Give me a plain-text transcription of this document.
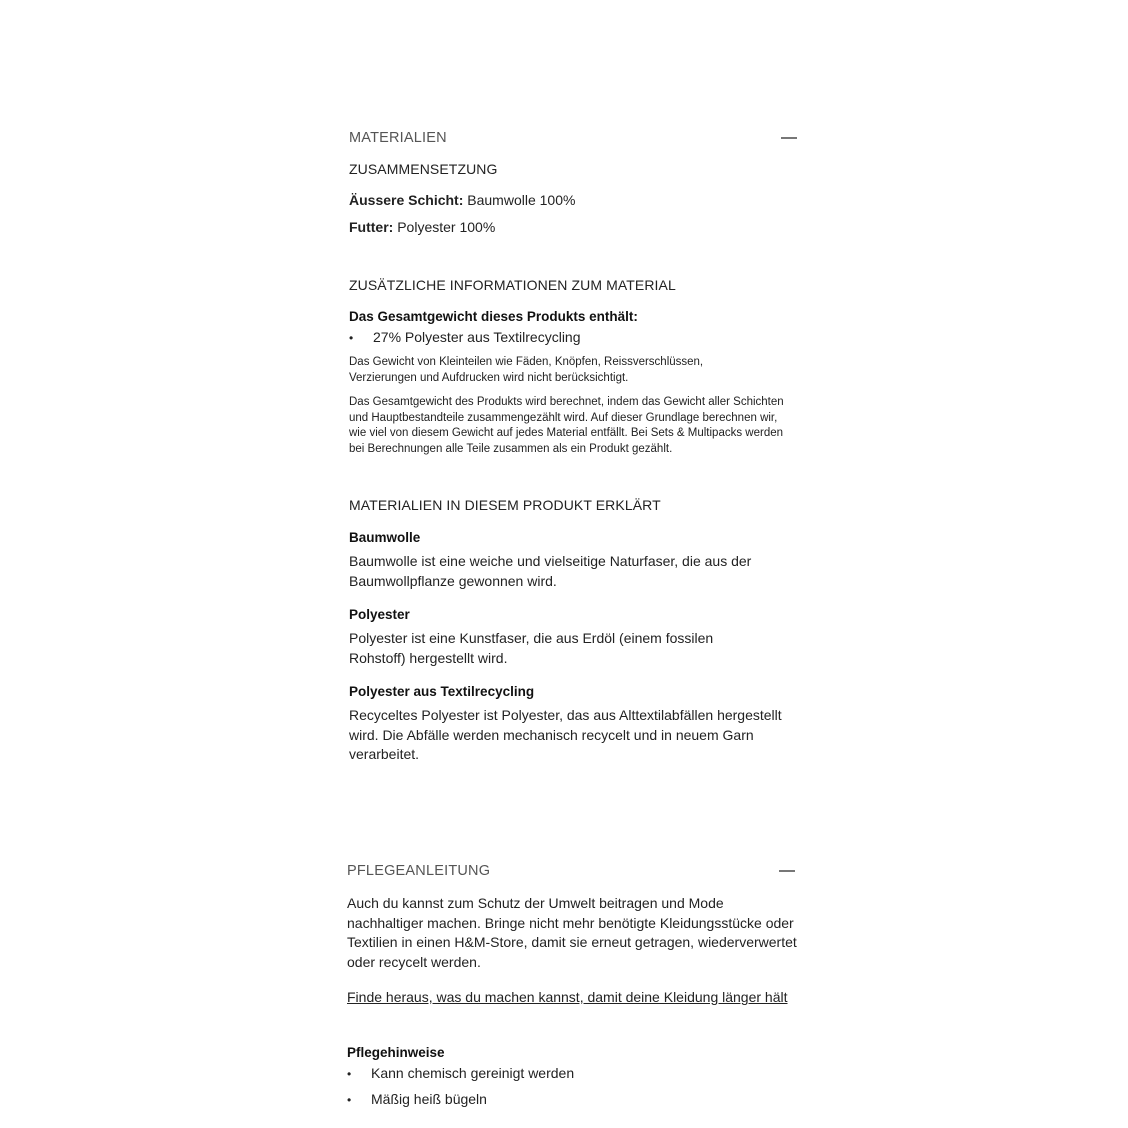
MATERIALIEN
ZUSAMMENSETZUNG
Äussere Schicht: Baumwolle 100%
Futter: Polyester 100%
ZUSÄTZLICHE INFORMATIONEN ZUM MATERIAL
Das Gesamtgewicht dieses Produkts enthält:
•	27% Polyester aus Textilrecycling
Das Gewicht von Kleinteilen wie Fäden, Knöpfen, Reissverschlüssen, Verzierungen und Aufdrucken wird nicht berücksichtigt.
Das Gesamtgewicht des Produkts wird berechnet, indem das Gewicht aller Schichten und Hauptbestandteile zusammengezählt wird. Auf dieser Grundlage berechnen wir, wie viel von diesem Gewicht auf jedes Material entfällt. Bei Sets & Multipacks werden bei Berechnungen alle Teile zusammen als ein Produkt gezählt.
MATERIALIEN IN DIESEM PRODUKT ERKLÄRT
Baumwolle
Baumwolle ist eine weiche und vielseitige Naturfaser, die aus der Baumwollpflanze gewonnen wird.
Polyester
Polyester ist eine Kunstfaser, die aus Erdöl (einem fossilen Rohstoff) hergestellt wird.
Polyester aus Textilrecycling
Recyceltes Polyester ist Polyester, das aus Alttextilabfällen hergestellt wird. Die Abfälle werden mechanisch recycelt und in neuem Garn verarbeitet.
PFLEGEANLEITUNG
Auch du kannst zum Schutz der Umwelt beitragen und Mode nachhaltiger machen. Bringe nicht mehr benötigte Kleidungsstücke oder Textilien in einen H&M-Store, damit sie erneut getragen, wiederverwertet oder recycelt werden.
Finde heraus, was du machen kannst, damit deine Kleidung länger hält
Pflegehinweise
•	Kann chemisch gereinigt werden
•	Mäßig heiß bügeln
